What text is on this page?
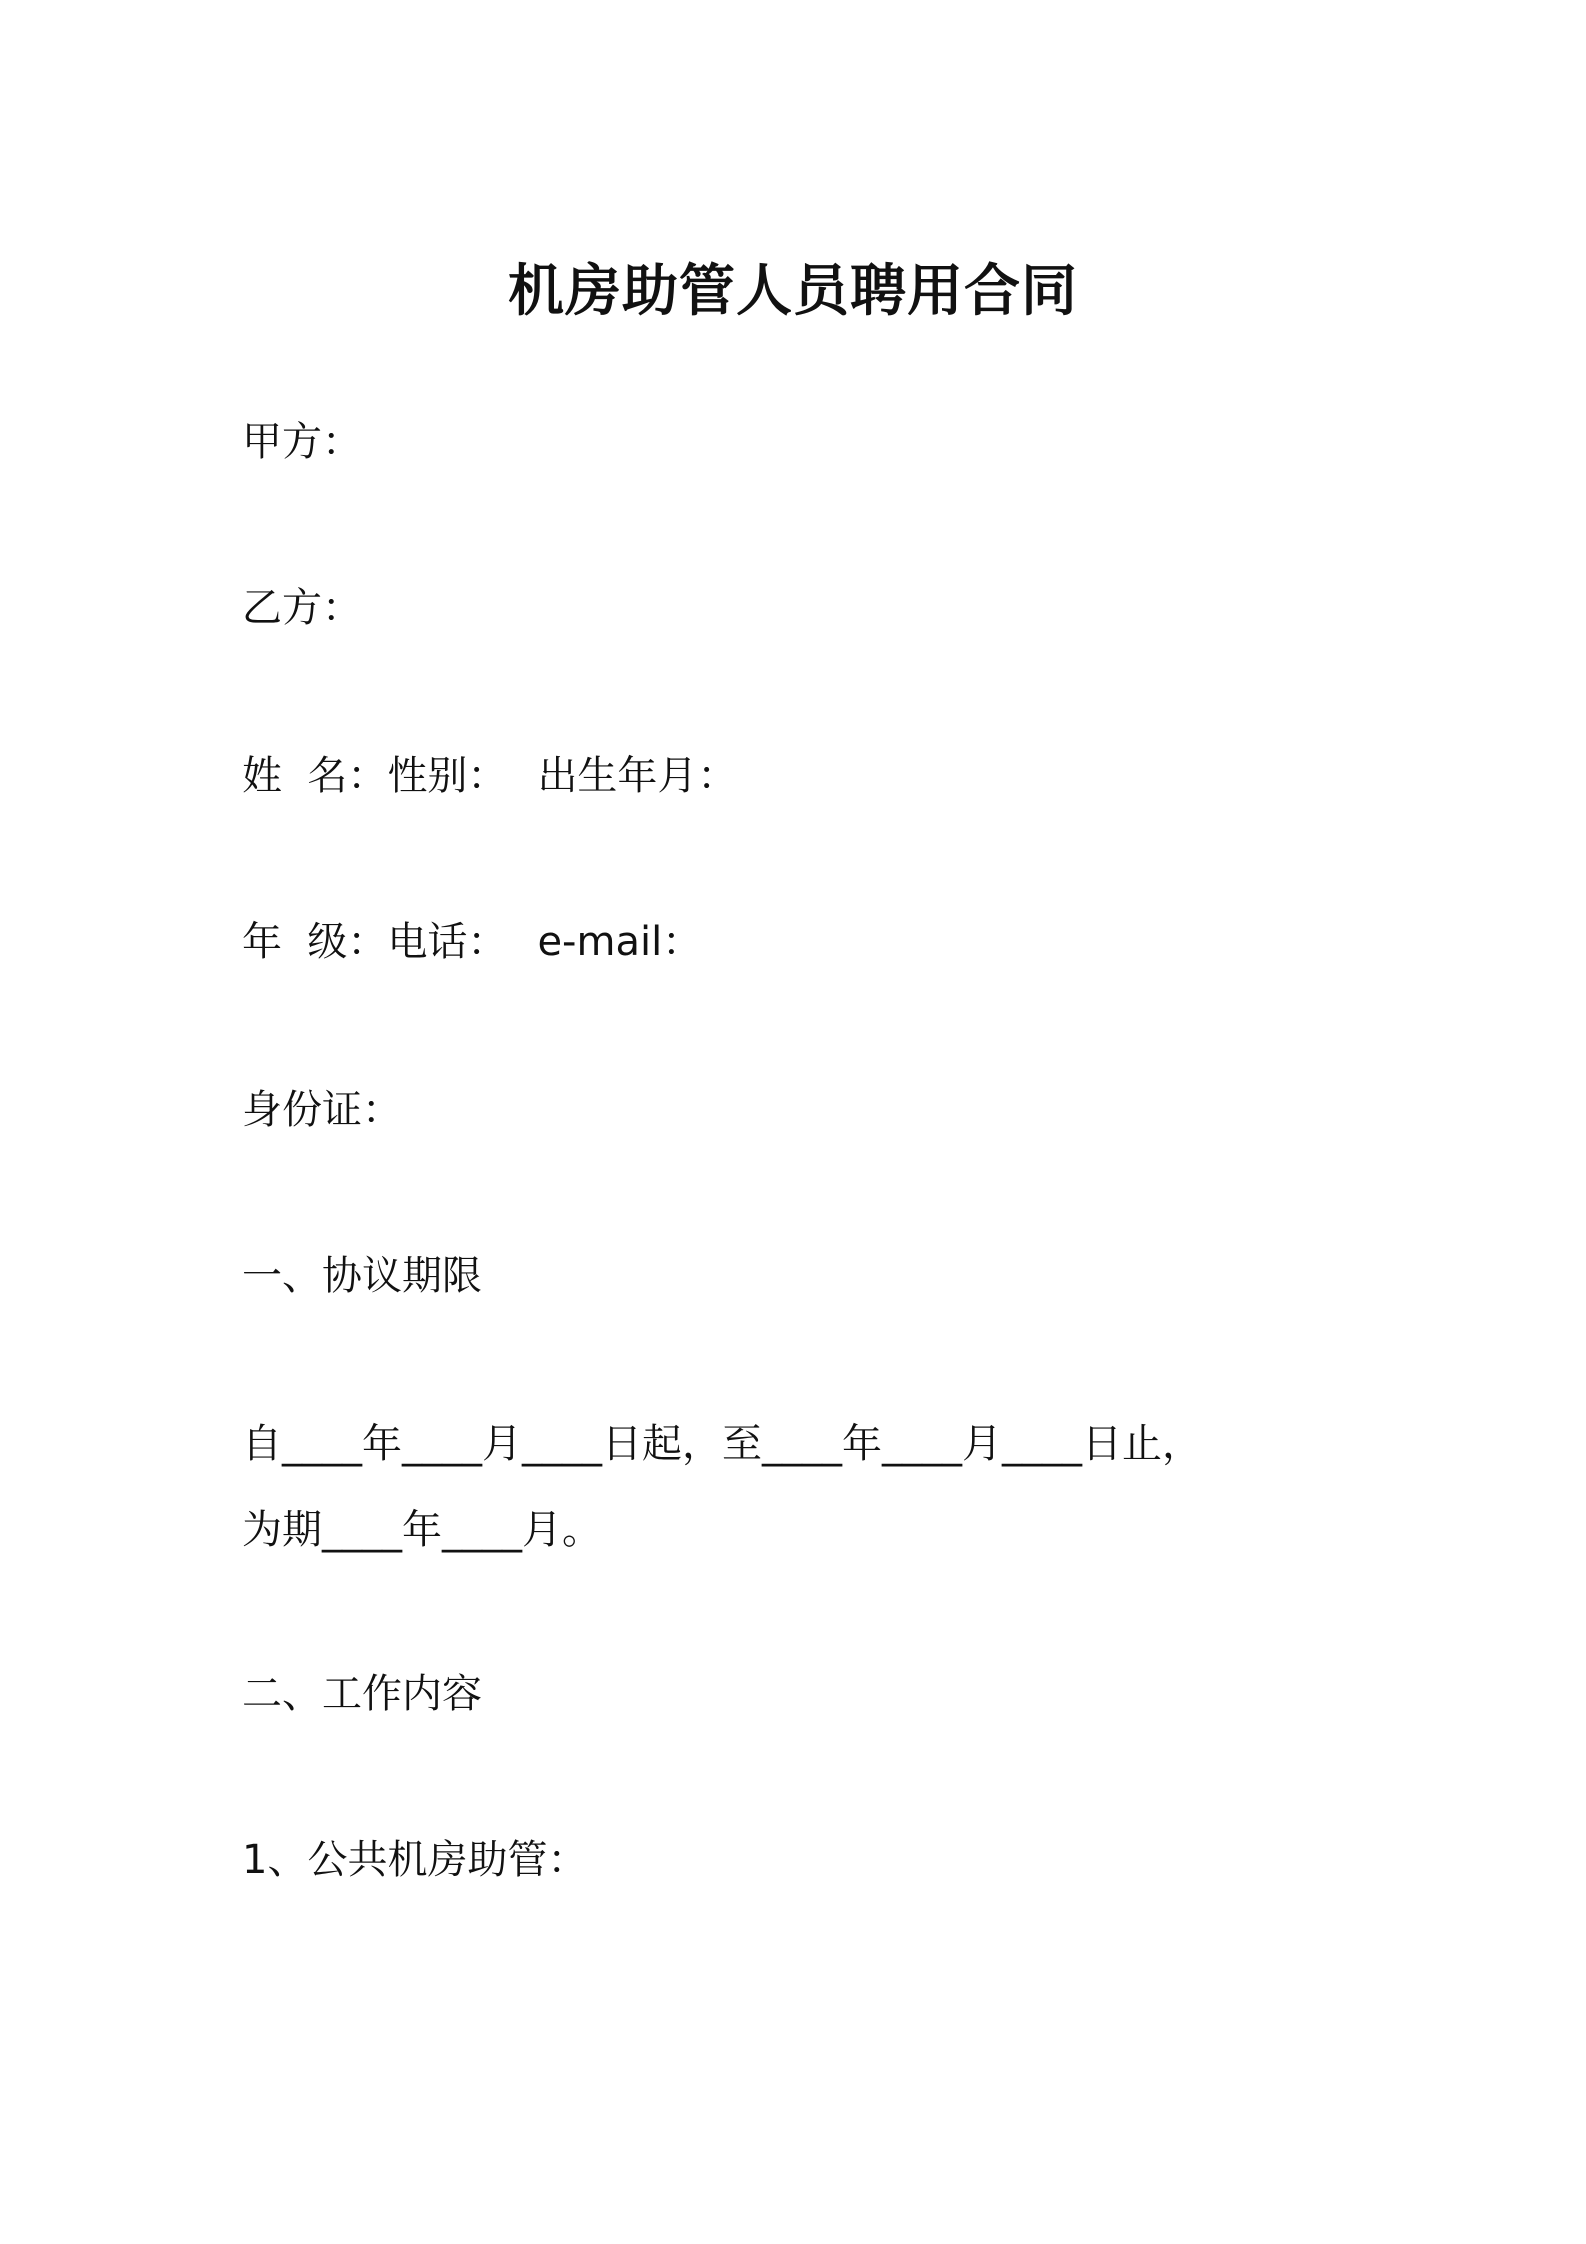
机房助管人员聘用合同
甲方：
乙方：
姓  名：性别： 出生年月：
年  级：电话： e-mail：
身份证：
一、协议期限
自____年____月____日起，至____年____月____日止，
为期____年____月。
二、工作内容
1、公共机房助管：
